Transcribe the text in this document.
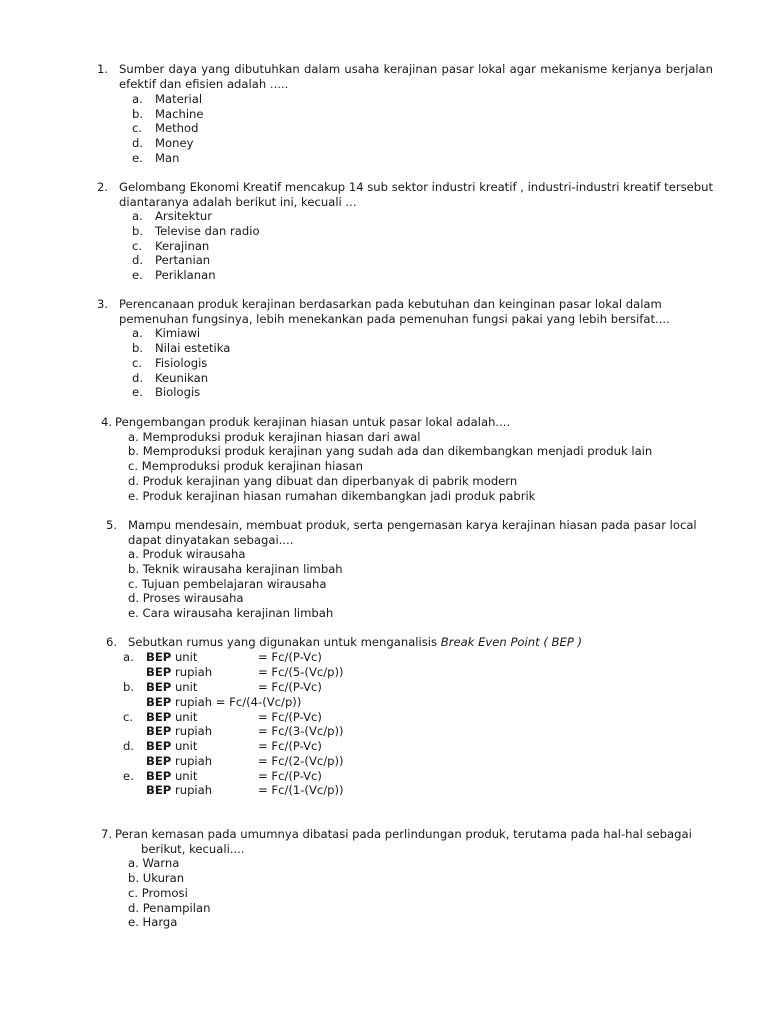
1. Sumber daya yang dibutuhkan dalam usaha kerajinan pasar lokal agar mekanisme kerjanya berjalan
efektif dan efisien adalah .....
a. Material
b. Machine
c. Method
d. Money
e. Man
2. Gelombang Ekonomi Kreatif mencakup 14 sub sektor industri kreatif , industri-industri kreatif tersebut
diantaranya adalah berikut ini, kecuali ...
a. Arsitektur
b. Televise dan radio
c. Kerajinan
d. Pertanian
e. Periklanan
3. Perencanaan produk kerajinan berdasarkan pada kebutuhan dan keinginan pasar lokal dalam
pemenuhan fungsinya, lebih menekankan pada pemenuhan fungsi pakai yang lebih bersifat....
a. Kimiawi
b. Nilai estetika
c. Fisiologis
d. Keunikan
e. Biologis
4. Pengembangan produk kerajinan hiasan untuk pasar lokal adalah....
a. Memproduksi produk kerajinan hiasan dari awal
b. Memproduksi produk kerajinan yang sudah ada dan dikembangkan menjadi produk lain
c. Memproduksi produk kerajinan hiasan
d. Produk kerajinan yang dibuat dan diperbanyak di pabrik modern
e. Produk kerajinan hiasan rumahan dikembangkan jadi produk pabrik
5. Mampu mendesain, membuat produk, serta pengemasan karya kerajinan hiasan pada pasar local
dapat dinyatakan sebagai....
a. Produk wirausaha
b. Teknik wirausaha kerajinan limbah
c. Tujuan pembelajaran wirausaha
d. Proses wirausaha
e. Cara wirausaha kerajinan limbah
6. Sebutkan rumus yang digunakan untuk menganalisis Break Even Point ( BEP )
a. BEP unit	= Fc/(P-Vc)
BEP rupiah	= Fc/(5-(Vc/p))
b. BEP unit	= Fc/(P-Vc)
BEP rupiah = Fc/(4-(Vc/p))
c. BEP unit	= Fc/(P-Vc)
BEP rupiah	= Fc/(3-(Vc/p))
d. BEP unit	= Fc/(P-Vc)
BEP rupiah	= Fc/(2-(Vc/p))
e. BEP unit	= Fc/(P-Vc)
BEP rupiah	= Fc/(1-(Vc/p))
7. Peran kemasan pada umumnya dibatasi pada perlindungan produk, terutama pada hal-hal sebagai
berikut, kecuali....
a. Warna
b. Ukuran
c. Promosi
d. Penampilan
e. Harga
